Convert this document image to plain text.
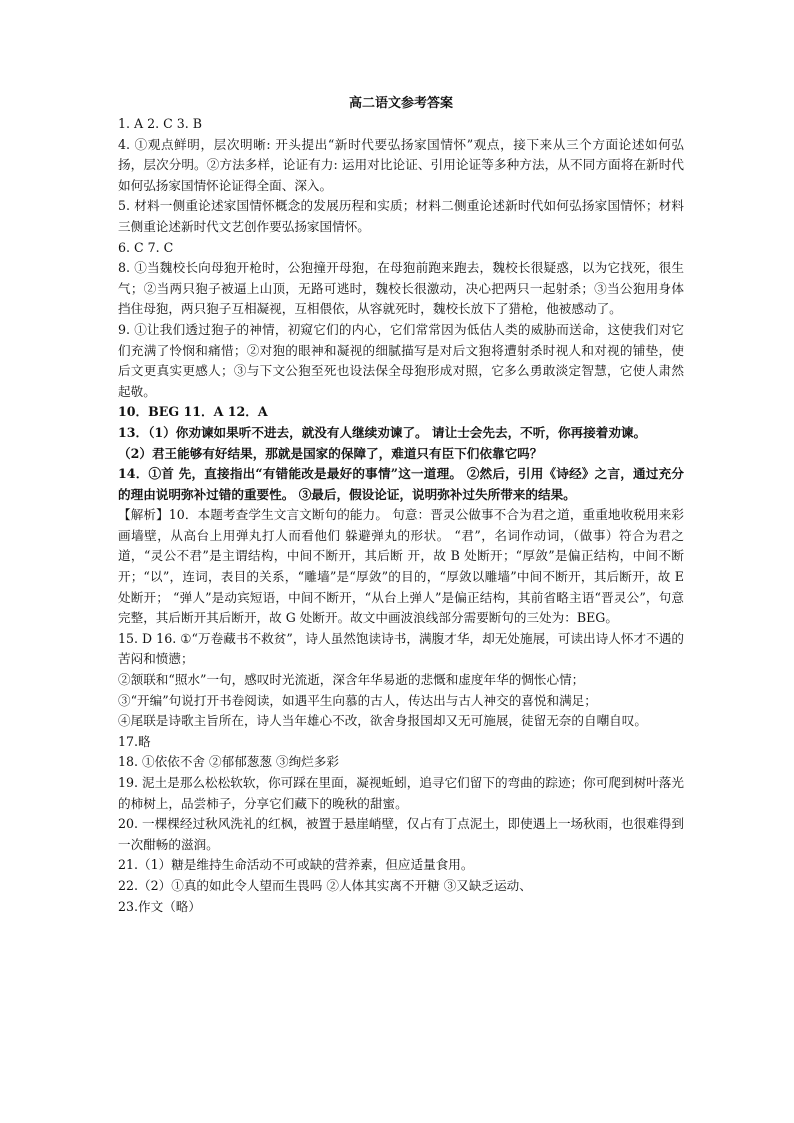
高二语文参考答案

1. A 2. C 3. B

4. ①观点鲜明，层次明晰: 开头提出“新时代要弘扬家国情怀”观点，接下来从三个方面论述如何弘扬，层次分明。②方法多样，论证有力: 运用对比论证、引用论证等多种方法，从不同方面将在新时代如何弘扬家国情怀论证得全面、深入。

5. 材料一侧重论述家国情怀概念的发展历程和实质；材料二侧重论述新时代如何弘扬家国情怀；材料三侧重论述新时代文艺创作要弘扬家国情怀。

6. C 7. C

8. ①当魏校长向母狍开枪时，公狍撞开母狍，在母狍前跑来跑去，魏校长很疑惑，以为它找死，很生气；②当两只狍子被逼上山顶，无路可逃时，魏校长很激动，决心把两只一起射杀；③当公狍用身体挡住母狍，两只狍子互相凝视，互相偎依，从容就死时，魏校长放下了猎枪，他被感动了。

9. ①让我们透过狍子的神情，初窥它们的内心，它们常常因为低估人类的威胁而送命，这使我们对它们充满了怜悯和痛惜；②对狍的眼神和凝视的细腻描写是对后文狍将遭射杀时视人和对视的铺垫，使后文更真实更感人；③与下文公狍至死也设法保全母狍形成对照，它多么勇敢淡定智慧，它使人肃然起敬。

10．BEG 11．A 12．A

13．（1）你劝谏如果听不进去，就没有人继续劝谏了。 请让士会先去，不听，你再接着劝谏。

（2）君王能够有好结果，那就是国家的保障了，难道只有臣下们依靠它吗？

14．①首 先，直接指出“有错能改是最好的事情”这一道理。 ②然后，引用《诗经》之言，通过充分的理由说明弥补过错的重要性。 ③最后，假设论证，说明弥补过失所带来的结果。

【解析】10．本题考查学生文言文断句的能力。 句意：晋灵公做事不合为君之道，重重地收税用来彩画墙壁，从高台上用弹丸打人而看他们 躲避弹丸的形状。 “君”，名词作动词，（做事）符合为君之道，“灵公不君”是主谓结构，中间不断开，其后断 开，故 B 处断开；“厚敛”是偏正结构，中间不断开；“以”，连词，表目的关系，“雕墙”是“厚敛”的目的，“厚敛以雕墙”中间不断开，其后断开，故 E 处断开； “弹人”是动宾短语，中间不断开，“从台上弹人”是偏正结构，其前省略主语“晋灵公”，句意 完整，其后断开其后断开，故 G 处断开。故文中画波浪线部分需要断句的三处为：BEG。

15. D 16. ①“万卷藏书不救贫”，诗人虽然饱读诗书，满腹才华，却无处施展，可读出诗人怀才不遇的苦闷和愤懑；

②颔联和“照水”一句，感叹时光流逝，深含年华易逝的悲慨和虚度年华的惆怅心情；

③“开编”句说打开书卷阅读，如遇平生向慕的古人，传达出与古人神交的喜悦和满足；

④尾联是诗歌主旨所在，诗人当年雄心不改，欲舍身报国却又无可施展，徒留无奈的自嘲自叹。

17.略

18. ①依依不舍 ②郁郁葱葱 ③绚烂多彩

19. 泥土是那么松松软软，你可踩在里面，凝视蚯蚓，追寻它们留下的弯曲的踪迹；你可爬到树叶落光的柿树上，品尝柿子，分享它们藏下的晚秋的甜蜜。

20. 一棵棵经过秋风洗礼的红枫，被置于悬崖峭壁，仅占有丁点泥土，即使遇上一场秋雨，也很难得到一次酣畅的滋润。

21.（1）糖是维持生命活动不可或缺的营养素，但应适量食用。

22.（2）①真的如此令人望而生畏吗 ②人体其实离不开糖 ③又缺乏运动、

23.作文（略）
